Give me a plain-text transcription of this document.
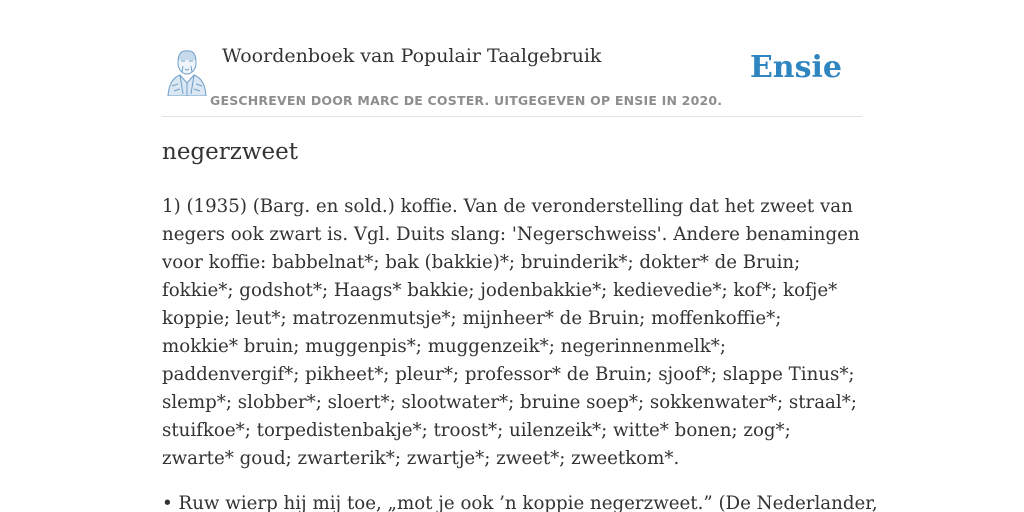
Woordenboek van Populair Taalgebruik
GESCHREVEN DOOR MARC DE COSTER. UITGEGEVEN OP ENSIE IN 2020.
Ensie
negerzweet

1) (1935) (Barg. en sold.) koffie. Van de veronderstelling dat het zweet van negers ook zwart is. Vgl. Duits slang: 'Negerschweiss'. Andere benamingen voor koffie: babbelnat*; bak (bakkie)*; bruinderik*; dokter* de Bruin; fokkie*; godshot*; Haags* bakkie; jodenbakkie*; kedievedie*; kof*; kofje* koppie; leut*; matrozenmutsje*; mijnheer* de Bruin; moffenkoffie*; mokkie* bruin; muggenpis*; muggenzeik*; negerinnenmelk*; paddenvergif*; pikheet*; pleur*; professor* de Bruin; sjoof*; slappe Tinus*; slemp*; slobber*; sloert*; slootwater*; bruine soep*; sokkenwater*; straal*; stuifkoe*; torpedistenbakje*; troost*; uilenzeik*; witte* bonen; zog*; zwarte* goud; zwarterik*; zwartje*; zweet*; zweetkom*.

• Ruw wierp hij mij toe, „mot je ook ’n koppie negerzweet.” (De Nederlander,
